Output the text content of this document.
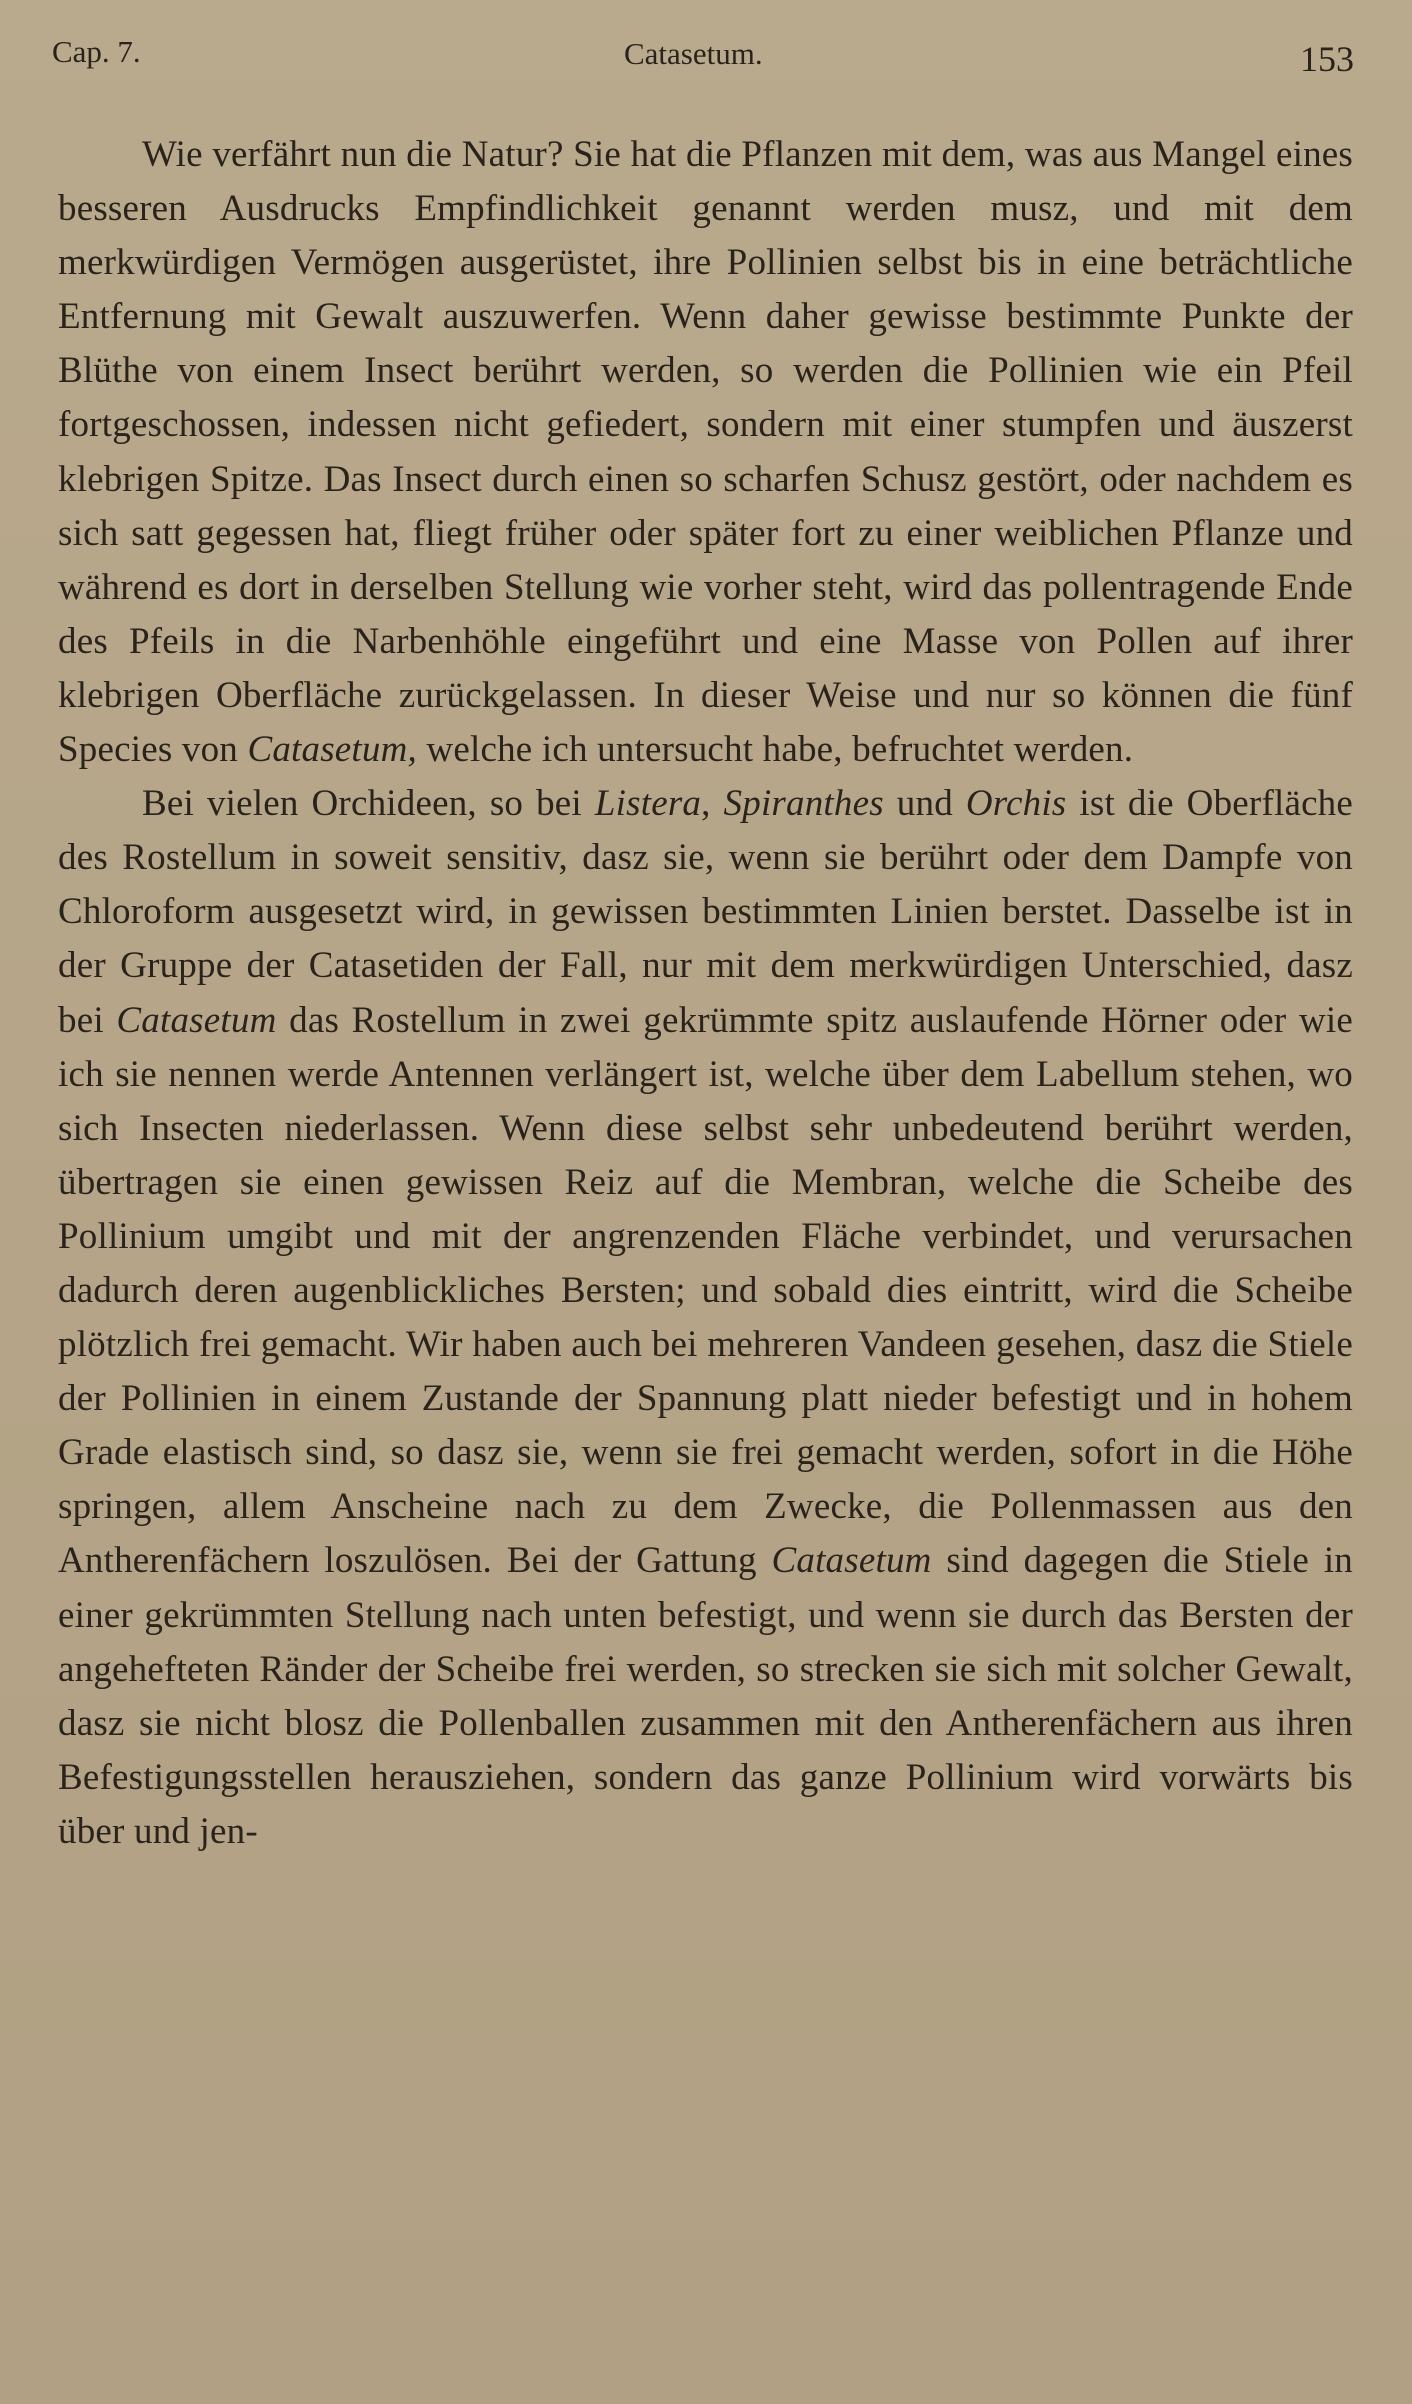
Cap. 7.	Catasetum.	153

Wie verfährt nun die Natur? Sie hat die Pflanzen mit dem, was aus Mangel eines besseren Ausdrucks Empfindlichkeit genannt werden musz, und mit dem merkwürdigen Vermögen ausgerüstet, ihre Pollinien selbst bis in eine beträchtliche Entfernung mit Gewalt auszuwerfen. Wenn daher gewisse bestimmte Punkte der Blüthe von einem Insect berührt werden, so werden die Pollinien wie ein Pfeil fortgeschossen, indessen nicht gefiedert, sondern mit einer stumpfen und äuszerst klebrigen Spitze. Das Insect durch einen so scharfen Schusz gestört, oder nachdem es sich satt gegessen hat, fliegt früher oder später fort zu einer weiblichen Pflanze und während es dort in derselben Stellung wie vorher steht, wird das pollentragende Ende des Pfeils in die Narbenhöhle eingeführt und eine Masse von Pollen auf ihrer klebrigen Oberfläche zurückgelassen. In dieser Weise und nur so können die fünf Species von Catasetum, welche ich untersucht habe, befruchtet werden.

Bei vielen Orchideen, so bei Listera, Spiranthes und Orchis ist die Oberfläche des Rostellum in soweit sensitiv, dasz sie, wenn sie berührt oder dem Dampfe von Chloroform ausgesetzt wird, in gewissen bestimmten Linien berstet. Dasselbe ist in der Gruppe der Catasetiden der Fall, nur mit dem merkwürdigen Unterschied, dasz bei Catasetum das Rostellum in zwei gekrümmte spitz auslaufende Hörner oder wie ich sie nennen werde Antennen verlängert ist, welche über dem Labellum stehen, wo sich Insecten niederlassen. Wenn diese selbst sehr unbedeutend berührt werden, übertragen sie einen gewissen Reiz auf die Membran, welche die Scheibe des Pollinium umgibt und mit der angrenzenden Fläche verbindet, und verursachen dadurch deren augenblickliches Bersten; und sobald dies eintritt, wird die Scheibe plötzlich frei gemacht. Wir haben auch bei mehreren Vandeen gesehen, dasz die Stiele der Pollinien in einem Zustande der Spannung platt nieder befestigt und in hohem Grade elastisch sind, so dasz sie, wenn sie frei gemacht werden, sofort in die Höhe springen, allem Anscheine nach zu dem Zwecke, die Pollenmassen aus den Antherenfächern loszulösen. Bei der Gattung Catasetum sind dagegen die Stiele in einer gekrümmten Stellung nach unten befestigt, und wenn sie durch das Bersten der angehefteten Ränder der Scheibe frei werden, so strecken sie sich mit solcher Gewalt, dasz sie nicht blosz die Pollenballen zusammen mit den Antherenfächern aus ihren Befestigungsstellen herausziehen, sondern das ganze Pollinium wird vorwärts bis über und jen-
